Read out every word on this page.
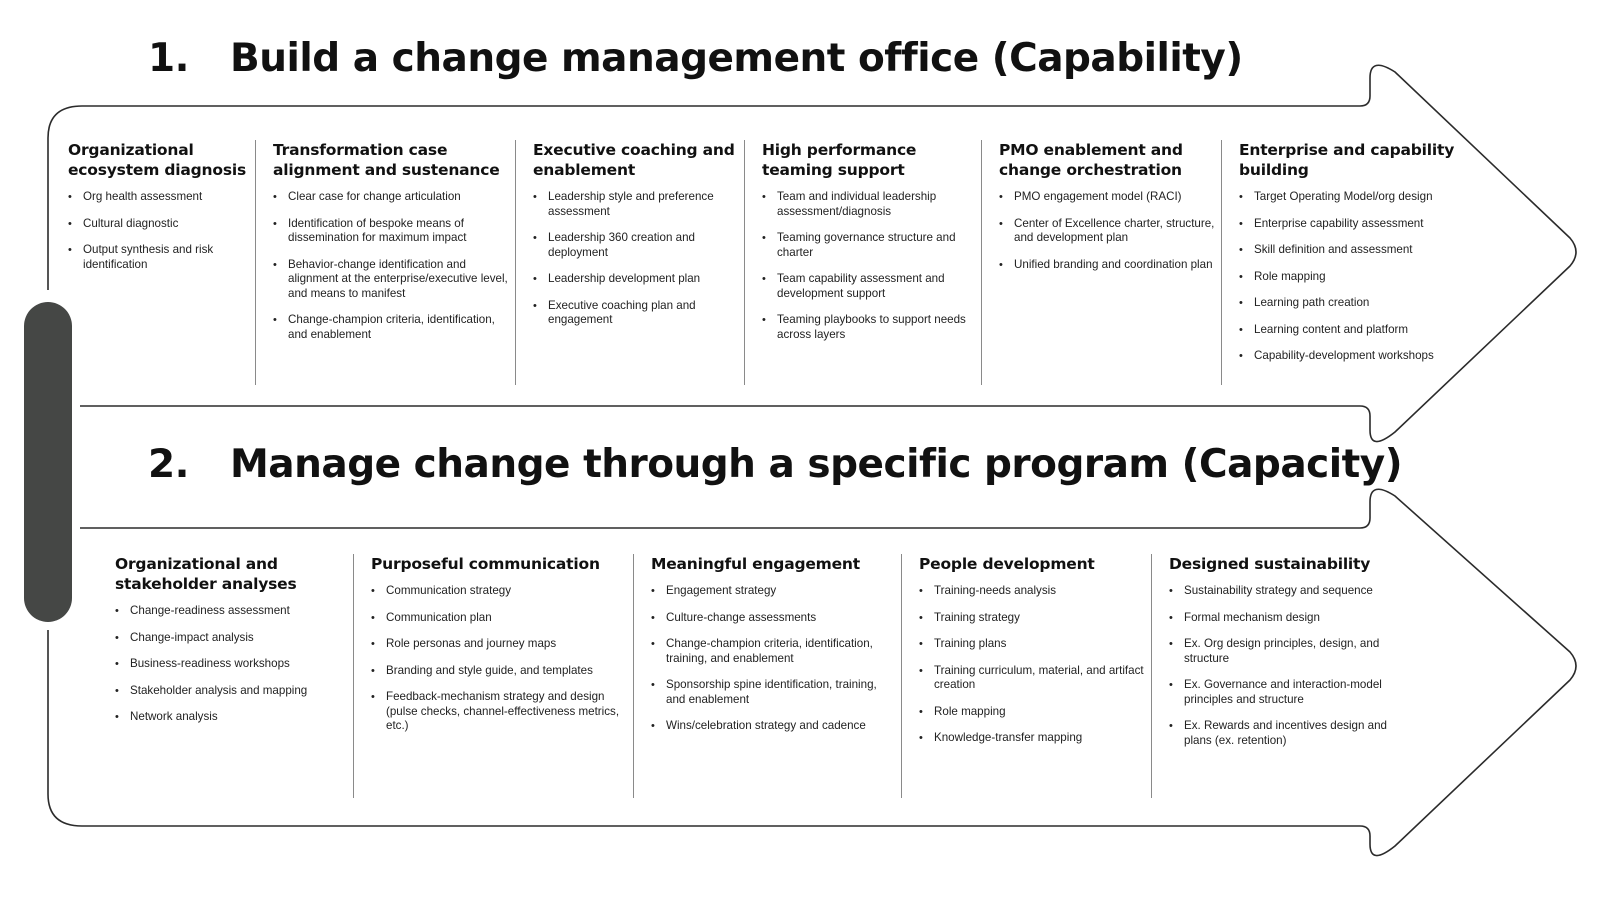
1. Build a change management office (Capability)
Organizational ecosystem diagnosis
• Org health assessment
• Cultural diagnostic
• Output synthesis and risk identification
Transformation case alignment and sustenance
• Clear case for change articulation
• Identification of bespoke means of dissemination for maximum impact
• Behavior-change identification and alignment at the enterprise/executive level, and means to manifest
• Change-champion criteria, identification, and enablement
Executive coaching and enablement
• Leadership style and preference assessment
• Leadership 360 creation and deployment
• Leadership development plan
• Executive coaching plan and engagement
High performance teaming support
• Team and individual leadership assessment/diagnosis
• Teaming governance structure and charter
• Team capability assessment and development support
• Teaming playbooks to support needs across layers
PMO enablement and change orchestration
• PMO engagement model (RACI)
• Center of Excellence charter, structure, and development plan
• Unified branding and coordination plan
Enterprise and capability building
• Target Operating Model/org design
• Enterprise capability assessment
• Skill definition and assessment
• Role mapping
• Learning path creation
• Learning content and platform
• Capability-development workshops
2. Manage change through a specific program (Capacity)
Organizational and stakeholder analyses
• Change-readiness assessment
• Change-impact analysis
• Business-readiness workshops
• Stakeholder analysis and mapping
• Network analysis
Purposeful communication
• Communication strategy
• Communication plan
• Role personas and journey maps
• Branding and style guide, and templates
• Feedback-mechanism strategy and design (pulse checks, channel-effectiveness metrics, etc.)
Meaningful engagement
• Engagement strategy
• Culture-change assessments
• Change-champion criteria, identification, training, and enablement
• Sponsorship spine identification, training, and enablement
• Wins/celebration strategy and cadence
People development
• Training-needs analysis
• Training strategy
• Training plans
• Training curriculum, material, and artifact creation
• Role mapping
• Knowledge-transfer mapping
Designed sustainability
• Sustainability strategy and sequence
• Formal mechanism design
• Ex. Org design principles, design, and structure
• Ex. Governance and interaction-model principles and structure
• Ex. Rewards and incentives design and plans (ex. retention)
